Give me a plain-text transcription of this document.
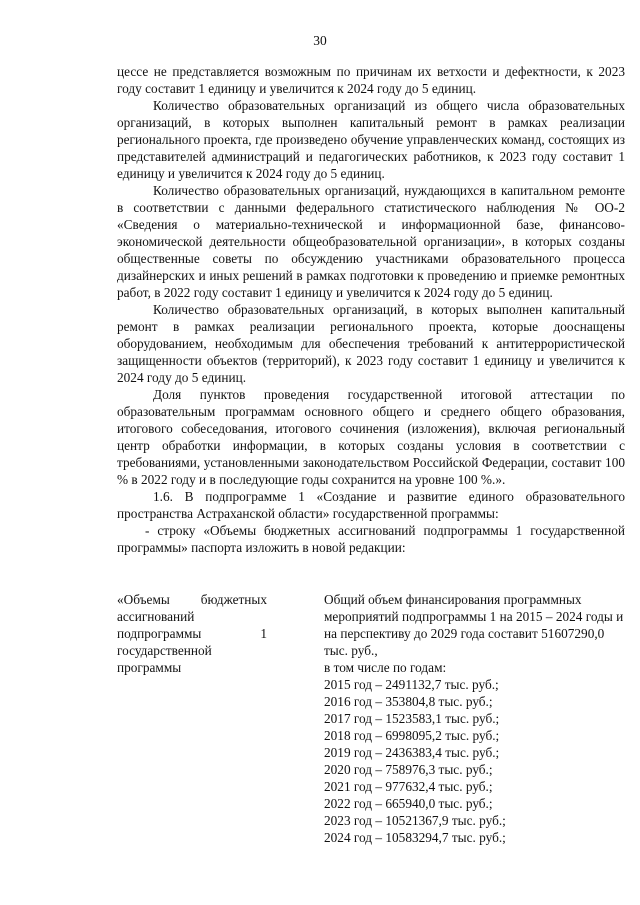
30

цессе не представляется возможным по причинам их ветхости и дефектности, к 2023 году составит 1 единицу и увеличится к 2024 году до 5 единиц.

Количество образовательных организаций из общего числа образовательных организаций, в которых выполнен капитальный ремонт в рамках реализации регионального проекта, где произведено обучение управленческих команд, состоящих из представителей администраций и педагогических работников, к 2023 году составит 1 единицу и увеличится к 2024 году до 5 единиц.

Количество образовательных организаций, нуждающихся в капитальном ремонте в соответствии с данными федерального статистического наблюдения № ОО-2 «Сведения о материально-технической и информационной базе, финансово-экономической деятельности общеобразовательной организации», в которых созданы общественные советы по обсуждению участниками образовательного процесса дизайнерских и иных решений в рамках подготовки к проведению и приемке ремонтных работ, в 2022 году составит 1 единицу и увеличится к 2024 году до 5 единиц.

Количество образовательных организаций, в которых выполнен капитальный ремонт в рамках реализации регионального проекта, которые дооснащены оборудованием, необходимым для обеспечения требований к антитеррористической защищенности объектов (территорий), к 2023 году составит 1 единицу и увеличится к 2024 году до 5 единиц.

Доля пунктов проведения государственной итоговой аттестации по образовательным программам основного общего и среднего общего образования, итогового собеседования, итогового сочинения (изложения), включая региональный центр обработки информации, в которых созданы условия в соответствии с требованиями, установленными законодательством Российской Федерации, составит 100 % в 2022 году и в последующие годы сохранится на уровне 100 %.».

1.6. В подпрограмме 1 «Создание и развитие единого образовательного пространства Астраханской области» государственной программы:

- строку «Объемы бюджетных ассигнований подпрограммы 1 государственной программы» паспорта изложить в новой редакции:

«Объемы бюджетных ассигнований подпрограммы 1 государственной программы
Общий объем финансирования программных мероприятий подпрограммы 1 на 2015 – 2024 годы и на перспективу до 2029 года составит 51607290,0 тыс. руб.,
в том числе по годам:
2015 год – 2491132,7 тыс. руб.;
2016 год – 353804,8 тыс. руб.;
2017 год – 1523583,1 тыс. руб.;
2018 год – 6998095,2 тыс. руб.;
2019 год – 2436383,4 тыс. руб.;
2020 год – 758976,3 тыс. руб.;
2021 год – 977632,4 тыс. руб.;
2022 год – 665940,0 тыс. руб.;
2023 год – 10521367,9 тыс. руб.;
2024 год – 10583294,7 тыс. руб.;
